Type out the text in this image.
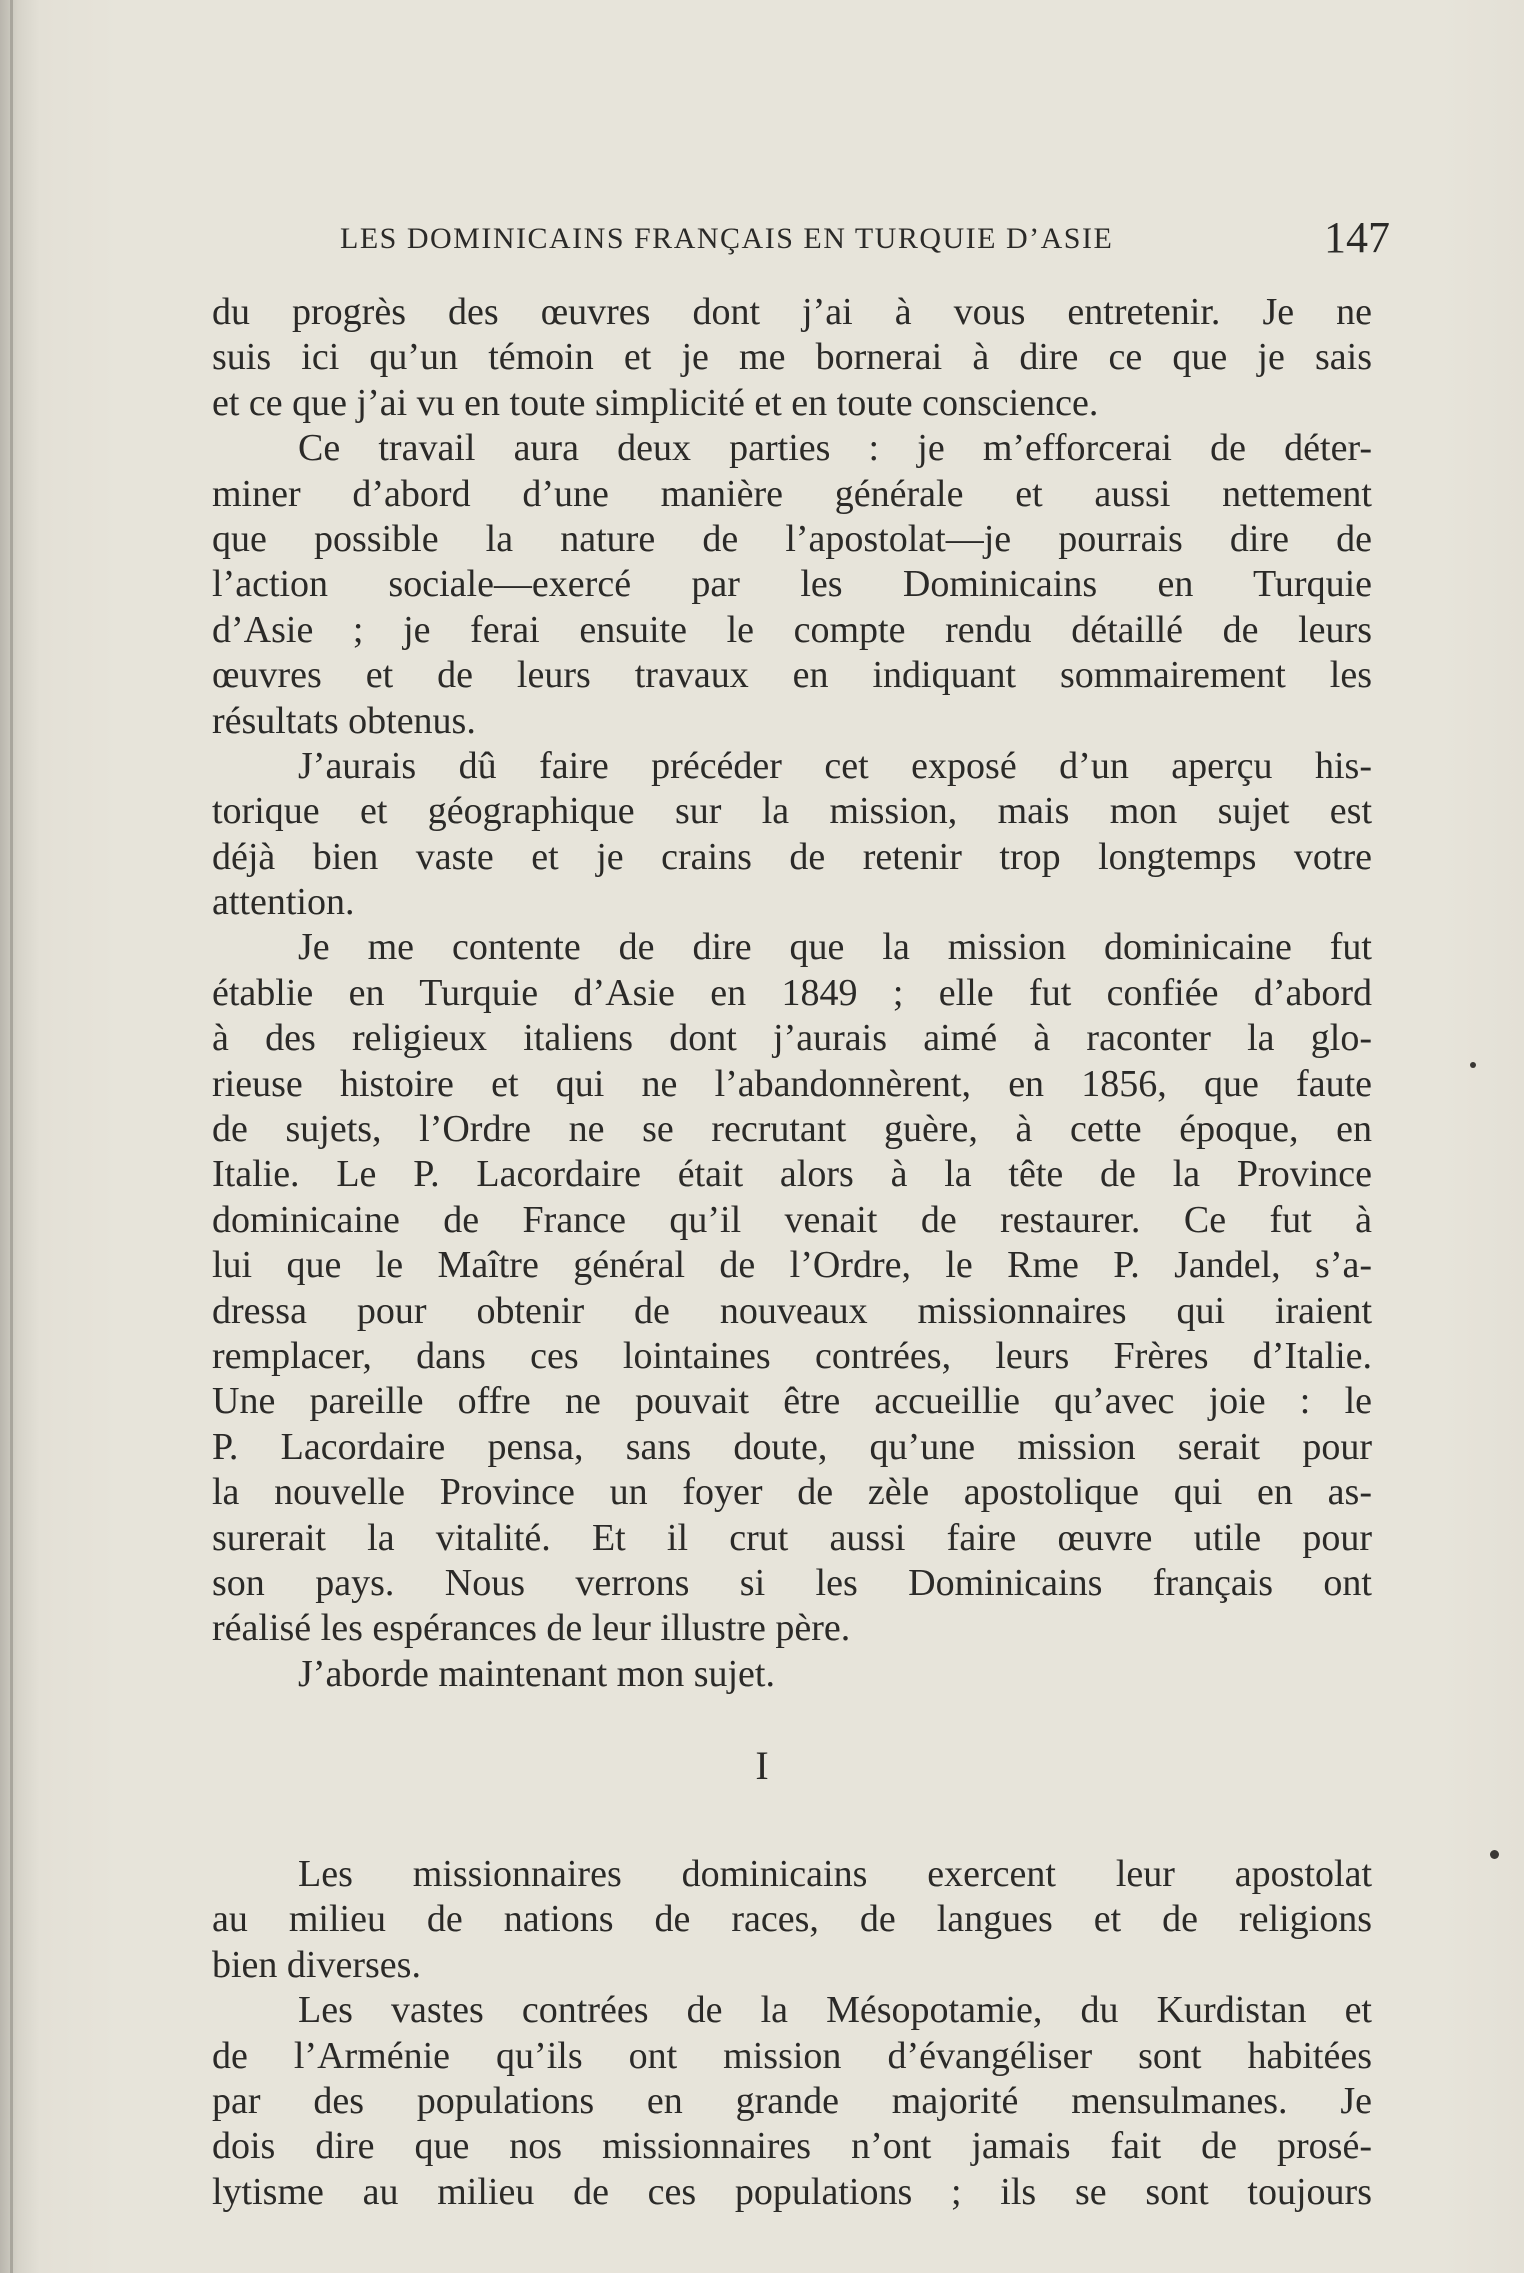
LES DOMINICAINS FRANÇAIS EN TURQUIE D’ASIE	147
du progrès des œuvres dont j’ai à vous entretenir. Je ne
suis ici qu’un témoin et je me bornerai à dire ce que je sais
et ce que j’ai vu en toute simplicité et en toute conscience.
Ce travail aura deux parties : je m’efforcerai de déter-
miner d’abord d’une manière générale et aussi nettement
que possible la nature de l’apostolat—je pourrais dire de
l’action sociale—exercé par les Dominicains en Turquie
d’Asie ; je ferai ensuite le compte rendu détaillé de leurs
œuvres et de leurs travaux en indiquant sommairement les
résultats obtenus.
J’aurais dû faire précéder cet exposé d’un aperçu his-
torique et géographique sur la mission, mais mon sujet est
déjà bien vaste et je crains de retenir trop longtemps votre
attention.
Je me contente de dire que la mission dominicaine fut
établie en Turquie d’Asie en 1849 ; elle fut confiée d’abord
à des religieux italiens dont j’aurais aimé à raconter la glo-
rieuse histoire et qui ne l’abandonnèrent, en 1856, que faute
de sujets, l’Ordre ne se recrutant guère, à cette époque, en
Italie. Le P. Lacordaire était alors à la tête de la Province
dominicaine de France qu’il venait de restaurer. Ce fut à
lui que le Maître général de l’Ordre, le Rme P. Jandel, s’a-
dressa pour obtenir de nouveaux missionnaires qui iraient
remplacer, dans ces lointaines contrées, leurs Frères d’Italie.
Une pareille offre ne pouvait être accueillie qu’avec joie : le
P. Lacordaire pensa, sans doute, qu’une mission serait pour
la nouvelle Province un foyer de zèle apostolique qui en as-
surerait la vitalité. Et il crut aussi faire œuvre utile pour
son pays. Nous verrons si les Dominicains français ont
réalisé les espérances de leur illustre père.
J’aborde maintenant mon sujet.
I
Les missionnaires dominicains exercent leur apostolat
au milieu de nations de races, de langues et de religions
bien diverses.
Les vastes contrées de la Mésopotamie, du Kurdistan et
de l’Arménie qu’ils ont mission d’évangéliser sont habitées
par des populations en grande majorité mensulmanes. Je
dois dire que nos missionnaires n’ont jamais fait de prosé-
lytisme au milieu de ces populations ; ils se sont toujours
